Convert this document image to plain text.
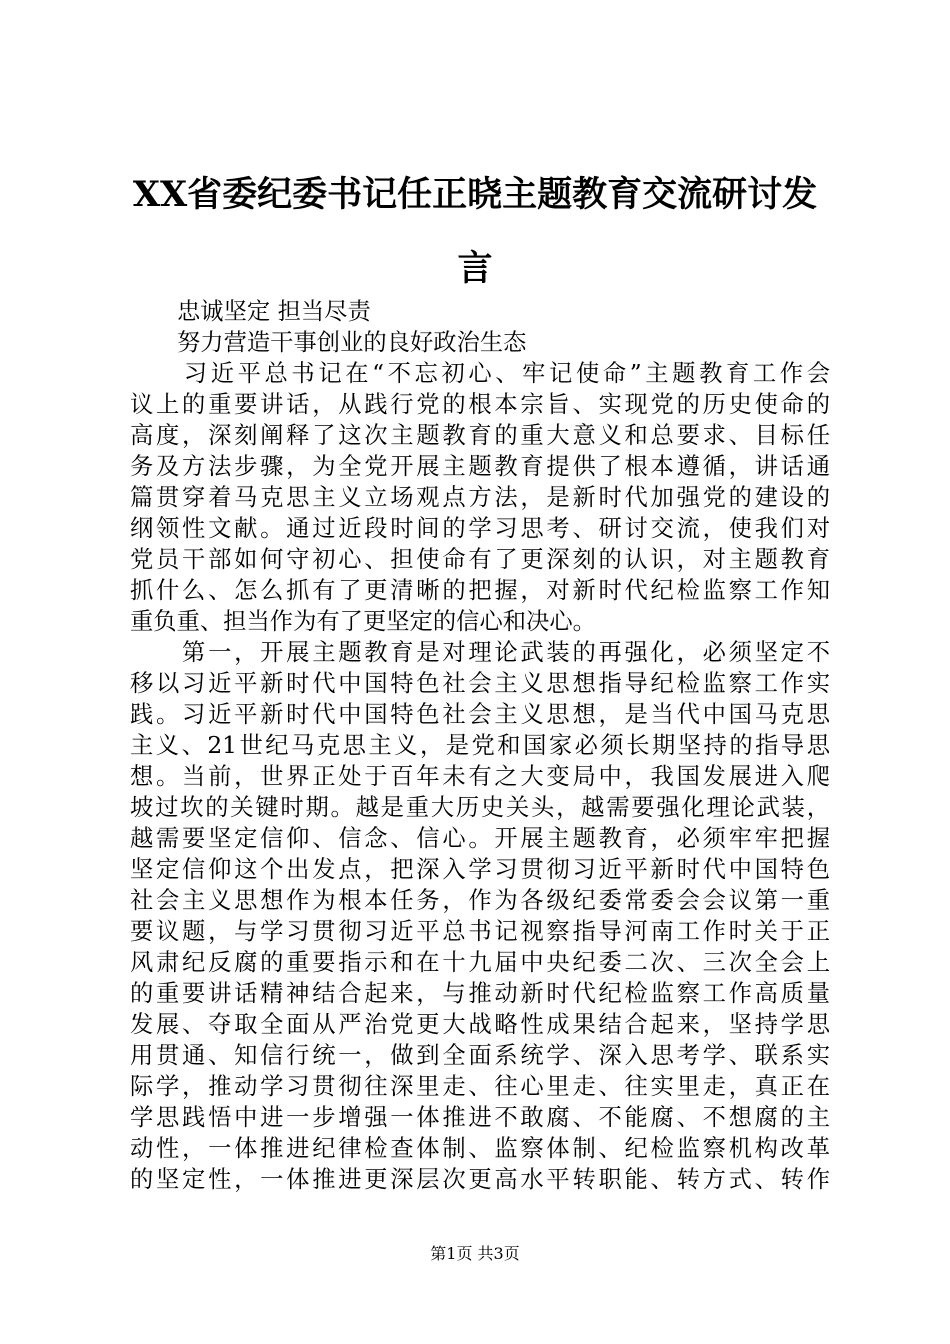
XX省委纪委书记任正晓主题教育交流研讨发
言
忠诚坚定 担当尽责
努力营造干事创业的良好政治生态
　　习近平总书记在“不忘初心、牢记使命”主题教育工作会
议上的重要讲话，从践行党的根本宗旨、实现党的历史使命的
高度，深刻阐释了这次主题教育的重大意义和总要求、目标任
务及方法步骤，为全党开展主题教育提供了根本遵循，讲话通
篇贯穿着马克思主义立场观点方法，是新时代加强党的建设的
纲领性文献。通过近段时间的学习思考、研讨交流，使我们对
党员干部如何守初心、担使命有了更深刻的认识，对主题教育
抓什么、怎么抓有了更清晰的把握，对新时代纪检监察工作知
重负重、担当作为有了更坚定的信心和决心。
　　第一，开展主题教育是对理论武装的再强化，必须坚定不
移以习近平新时代中国特色社会主义思想指导纪检监察工作实
践。习近平新时代中国特色社会主义思想，是当代中国马克思
主义、21世纪马克思主义，是党和国家必须长期坚持的指导思
想。当前，世界正处于百年未有之大变局中，我国发展进入爬
坡过坎的关键时期。越是重大历史关头，越需要强化理论武装，
越需要坚定信仰、信念、信心。开展主题教育，必须牢牢把握
坚定信仰这个出发点，把深入学习贯彻习近平新时代中国特色
社会主义思想作为根本任务，作为各级纪委常委会会议第一重
要议题，与学习贯彻习近平总书记视察指导河南工作时关于正
风肃纪反腐的重要指示和在十九届中央纪委二次、三次全会上
的重要讲话精神结合起来，与推动新时代纪检监察工作高质量
发展、夺取全面从严治党更大战略性成果结合起来，坚持学思
用贯通、知信行统一，做到全面系统学、深入思考学、联系实
际学，推动学习贯彻往深里走、往心里走、往实里走，真正在
学思践悟中进一步增强一体推进不敢腐、不能腐、不想腐的主
动性，一体推进纪律检查体制、监察体制、纪检监察机构改革
的坚定性，一体推进更深层次更高水平转职能、转方式、转作
第1页 共3页
